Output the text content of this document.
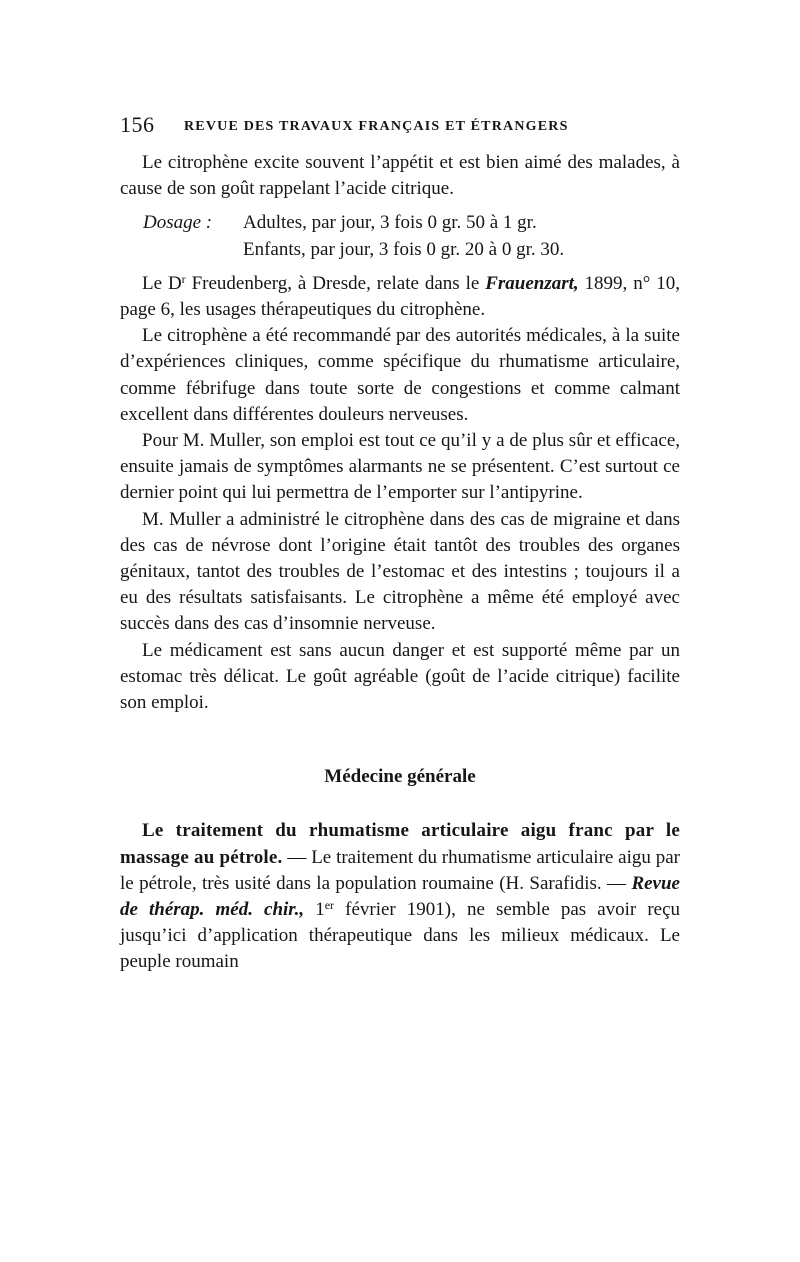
156 REVUE DES TRAVAUX FRANÇAIS ET ÉTRANGERS

Le citrophène excite souvent l’appétit et est bien aimé des malades, à cause de son goût rappelant l’acide citrique.

Dosage :	Adultes, par jour, 3 fois 0 gr. 50 à 1 gr.
Enfants, par jour, 3 fois 0 gr. 20 à 0 gr. 30.

Le $D^r$ Freudenberg, à Dresde, relate dans le Frauenzart, 1899, n° 10, page 6, les usages thérapeutiques du citrophène.

Le citrophène a été recommandé par des autorités médicales, à la suite d’expériences cliniques, comme spécifique du rhumatisme articulaire, comme fébrifuge dans toute sorte de congestions et comme calmant excellent dans différentes douleurs nerveuses.

Pour M. Muller, son emploi est tout ce qu’il y a de plus sûr et efficace, ensuite jamais de symptômes alarmants ne se présentent. C’est surtout ce dernier point qui lui permettra de l’emporter sur l’antipyrine.

M. Muller a administré le citrophène dans des cas de migraine et dans des cas de névrose dont l’origine était tantôt des troubles des organes génitaux, tantot des troubles de l’estomac et des intestins ; toujours il a eu des résultats satisfaisants. Le citrophène a même été employé avec succès dans des cas d’insomnie nerveuse.

Le médicament est sans aucun danger et est supporté même par un estomac très délicat. Le goût agréable (goût de l’acide citrique) facilite son emploi.

Médecine générale

Le traitement du rhumatisme articulaire aigu franc par le massage au pétrole. — Le traitement du rhumatisme articulaire aigu par le pétrole, très usité dans la population roumaine (H. Sarafidis. — Revue de thérap. méd. chir., 1er février 1901), ne semble pas avoir reçu jusqu’ici d’application thérapeutique dans les milieux médicaux. Le peuple roumain
